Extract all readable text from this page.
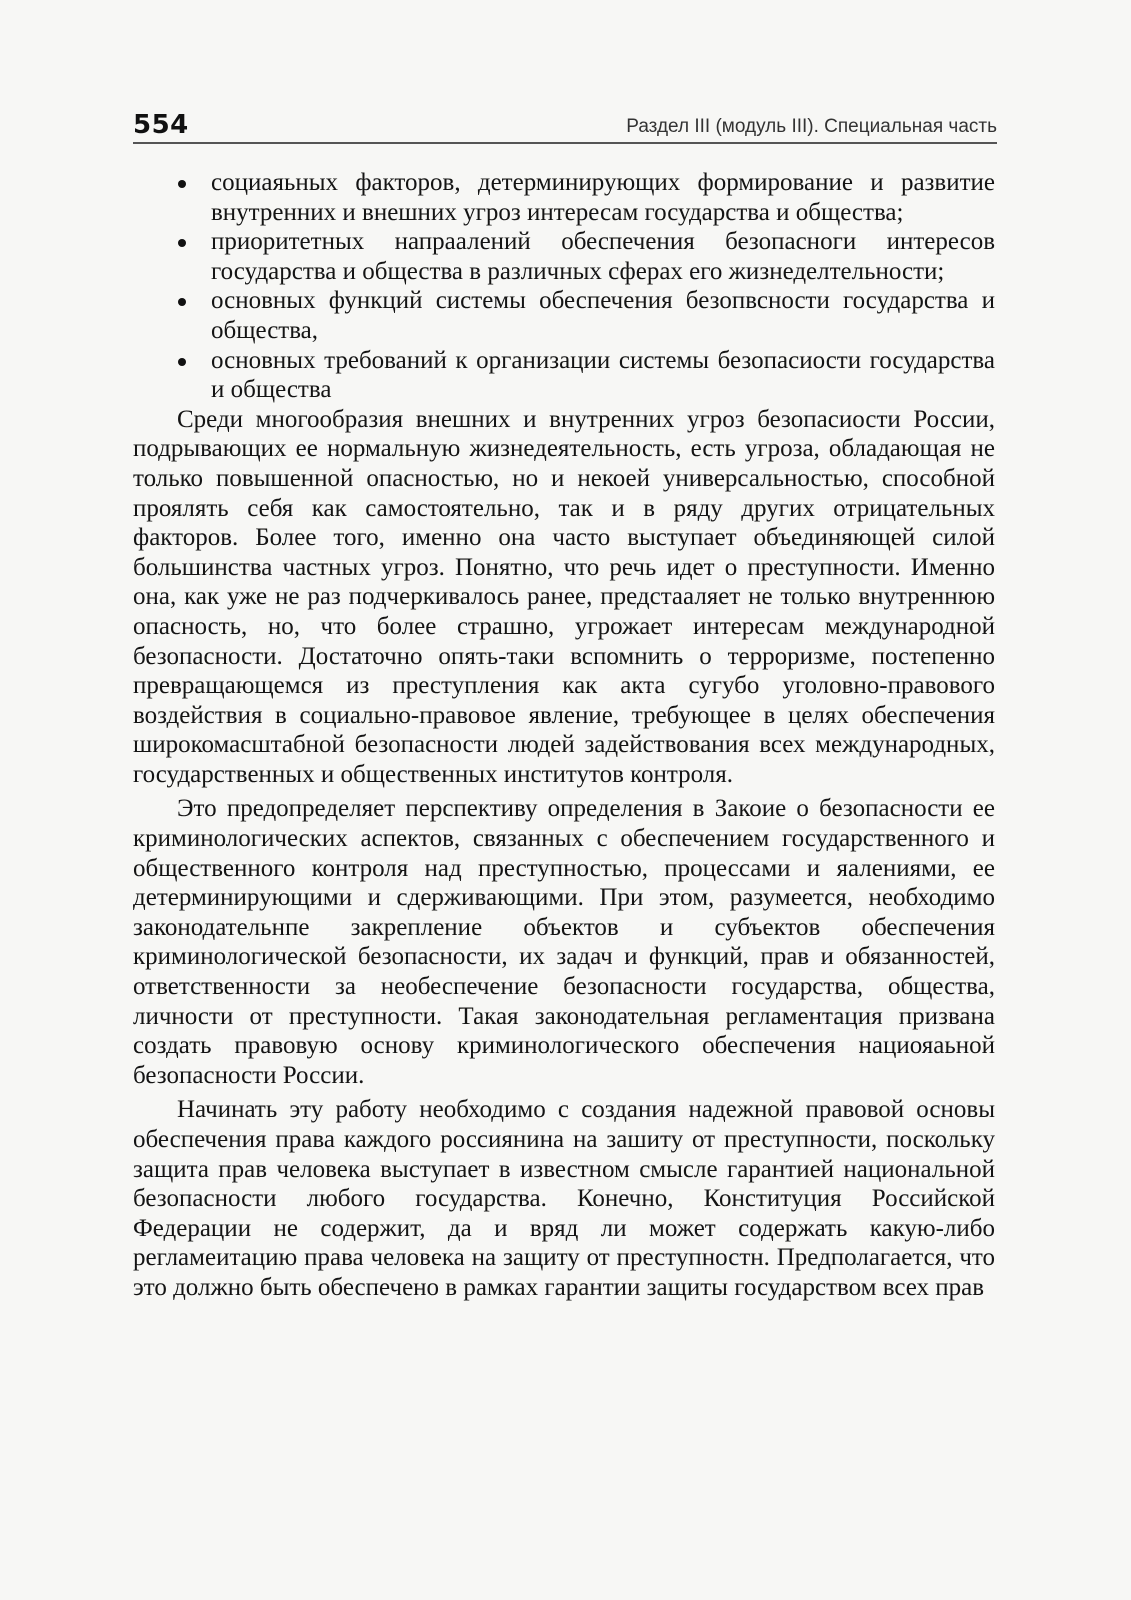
554	Раздел III (модуль III). Специальная часть
социаяьных факторов, детерминирующих формирование и развитие внутренних и внешних угроз интересам государства и общества;
приоритетных напраалений обеспечения безопасноги интересов государства и общества в различных сферах его жизнеделтельности;
основных функций системы обеспечения безопвсности государства и общества,
основных требований к организации системы безопасиости государства и общества

Среди многообразия внешних и внутренних угроз безопасиости России, подрывающих ее нормальную жизнедеятельность, есть угроза, обладающая не только повышенной опасностью, но и некоей универсальностью, способной проялять себя как самостоятельно, так и в ряду других отрицательных факторов. Более того, именно она часто выступает объединяющей силой большинства частных угроз. Понятно, что речь идет о преступности. Именно она, как уже не раз подчеркивалось ранее, предстааляет не только внутреннюю опасность, но, что более страшно, угрожает интересам международной безопасности. Достаточно опять-таки вспомнить о терроризме, постепенно превращающемся из преступления как акта сугубо уголовно-правового воздействия в социально-правовое явление, требующее в целях обеспечения широкомасштабной безопасности людей задействования всех международных, государственных и общественных институтов контроля.

Это предопределяет перспективу определения в Закоие о безопасности ее криминологических аспектов, связанных с обеспечением государственного и общественного контроля над преступностью, процессами и яалениями, ее детерминирующими и сдерживающими. При этом, разумеется, необходимо законодательнпе закрепление объектов и субъектов обеспечения криминологической безопасности, их задач и функций, прав и обязанностей, ответственности за необеспечение безопасности государства, общества, личности от преступности. Такая законодательная регламентация призвана создать правовую основу криминологического обеспечения нациояаьной безопасности России.

Начинать эту работу необходимо с создания надежной правовой основы обеспечения права каждого россиянина на зашиту от преступности, поскольку защита прав человека выступает в известном смысле гарантией национальной безопасности любого государства. Конечно, Конституция Российской Федерации не содержит, да и вряд ли может содержать какую-либо регламеитацию права человека на защиту от преступностн. Предполагается, что это должно быть обеспечено в рамках гарантии защиты государством всех прав
